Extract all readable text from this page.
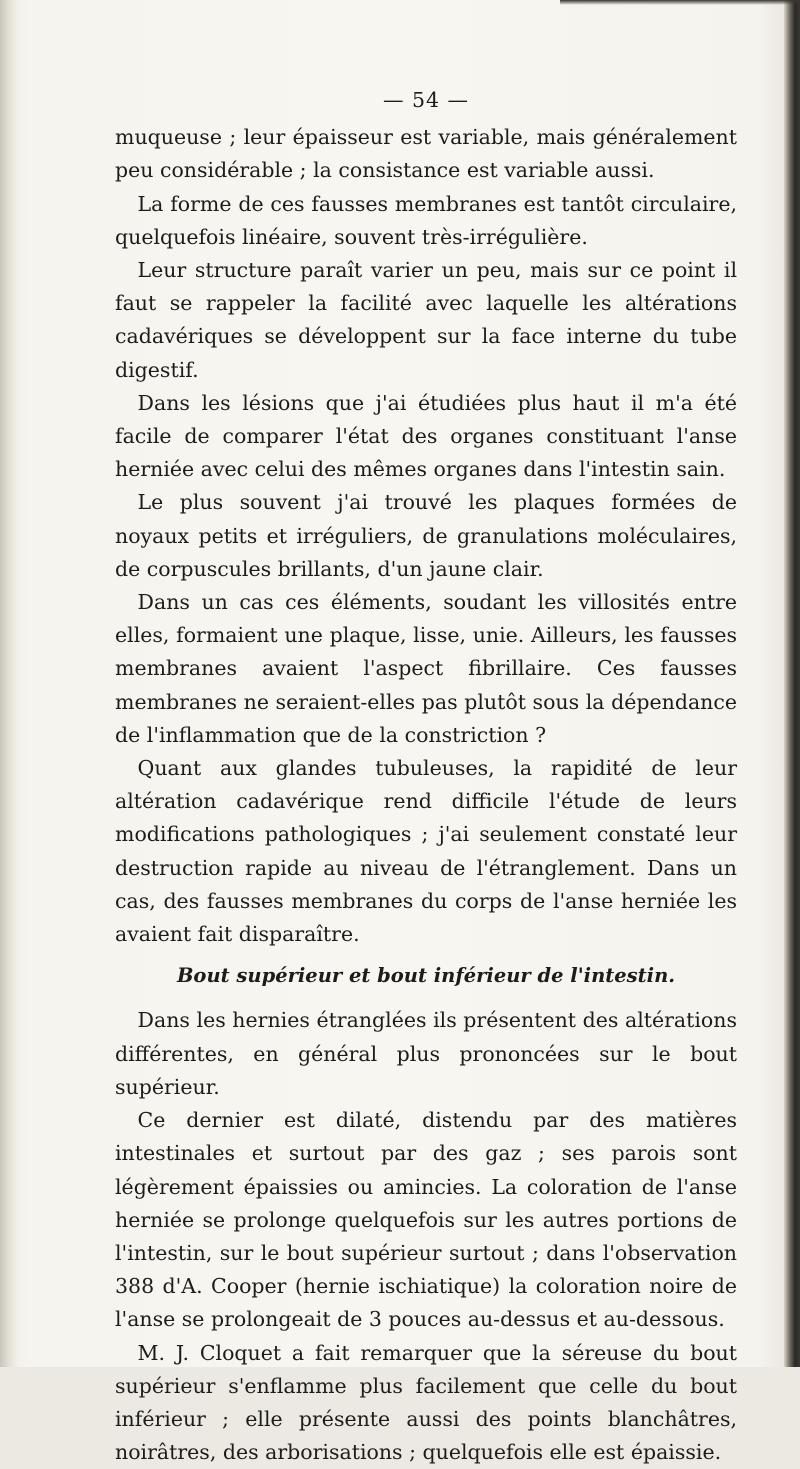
— 54 —

muqueuse ; leur épaisseur est variable, mais généralement peu considérable ; la consistance est variable aussi.

La forme de ces fausses membranes est tantôt circulaire, quelquefois linéaire, souvent très-irrégulière.

Leur structure paraît varier un peu, mais sur ce point il faut se rappeler la facilité avec laquelle les altérations cadavériques se développent sur la face interne du tube digestif.

Dans les lésions que j'ai étudiées plus haut il m'a été facile de comparer l'état des organes constituant l'anse herniée avec celui des mêmes organes dans l'intestin sain.

Le plus souvent j'ai trouvé les plaques formées de noyaux petits et irréguliers, de granulations moléculaires, de corpuscules brillants, d'un jaune clair.

Dans un cas ces éléments, soudant les villosités entre elles, formaient une plaque, lisse, unie. Ailleurs, les fausses membranes avaient l'aspect fibrillaire. Ces fausses membranes ne seraient-elles pas plutôt sous la dépendance de l'inflammation que de la constriction ?

Quant aux glandes tubuleuses, la rapidité de leur altération cadavérique rend difficile l'étude de leurs modifications pathologiques ; j'ai seulement constaté leur destruction rapide au niveau de l'étranglement. Dans un cas, des fausses membranes du corps de l'anse herniée les avaient fait disparaître.

Bout supérieur et bout inférieur de l'intestin.

Dans les hernies étranglées ils présentent des altérations différentes, en général plus prononcées sur le bout supérieur.

Ce dernier est dilaté, distendu par des matières intestinales et surtout par des gaz ; ses parois sont légèrement épaissies ou amincies. La coloration de l'anse herniée se prolonge quelquefois sur les autres portions de l'intestin, sur le bout supérieur surtout ; dans l'observation 388 d'A. Cooper (hernie ischiatique) la coloration noire de l'anse se prolongeait de 3 pouces au-dessus et au-dessous.

M. J. Cloquet a fait remarquer que la séreuse du bout supérieur s'enflamme plus facilement que celle du bout inférieur ; elle présente aussi des points blanchâtres, noirâtres, des arborisations ; quelquefois elle est épaissie.
